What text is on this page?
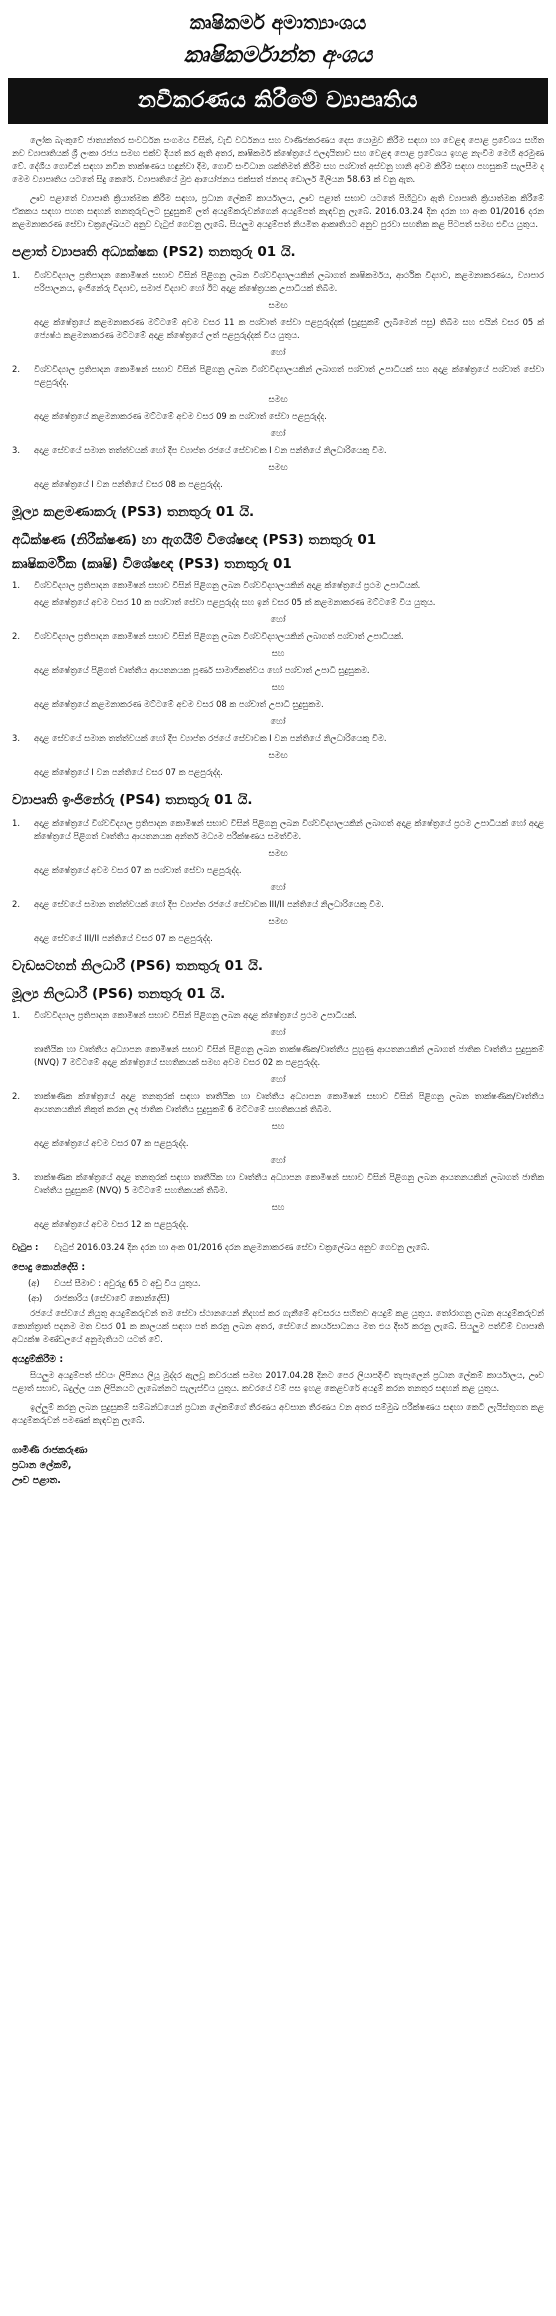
කෘෂිකර්ම අමාත්‍යාංශය
කෘෂිකර්මාන්ත අංශය
නවීකරණය කිරීමේ ව්‍යාපෘතිය

ලෝක බැංකුවේ ජාත්‍යන්තර සංවර්ධන සංගමය විසින්, වැඩි වර්ධනය සහ වාණිජකරණය දෙස යොමුව කිරීම සඳහා හා වෙළඳ පොළ ප්‍රවේශය සහිත නව ව්‍යාපෘතියක් ශ්‍රී ලංකා රජය සමඟ එක්ව දියත් කර ඇති අතර, කෘෂිකර්ම ක්ෂේත්‍රයේ ඵලදායිතාව සහ වෙළඳ පොළ ප්‍රවේශය ඉහළ නැංවීම මෙහි අරමුණ වේ. දේශීය ගොවීන් සඳහා නවීන තාක්ෂණය හඳුන්වා දීම, ගොවි සංවිධාන ශක්තිමත් කිරීම සහ පශ්චාත් අස්වනු හානි අවම කිරීම සඳහා පහසුකම් සැලසීම ද මෙම ව්‍යාපෘතිය යටතේ සිදු කෙරේ. ව්‍යාපෘතියේ මුළු ආයෝජනය එක්සත් ජනපද ඩොලර් මිලියන 58.63 ක් වනු ඇත.

ඌව පළාතේ ව්‍යාපෘති ක්‍රියාත්මක කිරීම සඳහා, ප්‍රධාන ලේකම් කාර්යාලය, ඌව පළාත් සභාව යටතේ පිහිටුවා ඇති ව්‍යාපෘති ක්‍රියාත්මක කිරීමේ ඒකකය සඳහා පහත සඳහන් තනතුරුවලට සුදුසුකම් ලත් අයදුම්කරුවන්ගෙන් අයදුම්පත් කැඳවනු ලැබේ. 2016.03.24 දින දරන හා අංක 01/2016 දරන කළමනාකරණ සේවා චක්‍රලේඛයට අනුව වැටුප් ගෙවනු ලැබේ. සියලුම අයදුම්පත් නියමිත ආකෘතියට අනුව පුරවා සහතික කළ පිටපත් සමඟ එවිය යුතුය.

පළාත් ව්‍යාපෘති අධ්‍යක්ෂක (PS2) තනතුරු 01 යි.
1.	විශ්වවිද්‍යාල ප්‍රතිපාදන කොමිෂන් සභාව විසින් පිළිගනු ලබන විශ්වවිද්‍යාලයකින් ලබාගත් කෘෂිකර්මය, ආර්ථික විද්‍යාව, කළමනාකරණය, ව්‍යාපාර පරිපාලනය, ඉංජිනේරු විද්‍යාව, සමාජ විද්‍යාව හෝ ඊට අදාළ ක්ෂේත්‍රයක උපාධියක් තිබීම.
සමඟ
අදාළ ක්ෂේත්‍රයේ කළමනාකරණ මට්ටමේ අවම වසර 11 ක පශ්චාත් සේවා පළපුරුද්දක් (සුදුසුකම් ලැබීමෙන් පසු) තිබීම සහ එයින් වසර 05 ක් ජ්‍යෙෂ්ඨ කළමනාකරණ මට්ටමේ අදාළ ක්ෂේත්‍රයේ ලත් පළපුරුද්දක් විය යුතුය.
හෝ
2.	විශ්වවිද්‍යාල ප්‍රතිපාදන කොමිෂන් සභාව විසින් පිළිගනු ලබන විශ්වවිද්‍යාලයකින් ලබාගත් පශ්චාත් උපාධියක් සහ අදාළ ක්ෂේත්‍රයේ පශ්චාත් සේවා පළපුරුද්ද.
සමඟ
අදාළ ක්ෂේත්‍රයේ කළමනාකරණ මට්ටමේ අවම වසර 09 ක පශ්චාත් සේවා පළපුරුද්ද.
හෝ
3.	අදාළ සේවයේ සමාන තත්ත්වයක් හෝ දීප ව්‍යාප්ත රජයේ සේවාවක I වන පන්තියේ නිලධාරියෙකු වීම.
සමඟ
අදාළ ක්ෂේත්‍රයේ I වන පන්තියේ වසර 08 ක පළපුරුද්ද.
මූල්‍ය කළමණාකරු (PS3) තනතුරු 01 යි.
අධීක්ෂණ (නිරීක්ෂණ) හා ඇගයීම් විශේෂඥ (PS3) තනතුරු 01
කෘෂිකර්මික (කෘෂි) විශේෂඥ (PS3) තනතුරු 01
1.	විශ්වවිද්‍යාල ප්‍රතිපාදන කොමිෂන් සභාව විසින් පිළිගනු ලබන විශ්වවිද්‍යාලයකින් අදාළ ක්ෂේත්‍රයේ ප්‍රථම උපාධියක්.
අදාළ ක්ෂේත්‍රයේ අවම වසර 10 ක පශ්චාත් සේවා පළපුරුද්ද සහ ඉන් වසර 05 ක් කළමනාකරණ මට්ටමේ විය යුතුය.
හෝ
2.	විශ්වවිද්‍යාල ප්‍රතිපාදන කොමිෂන් සභාව විසින් පිළිගනු ලබන විශ්වවිද්‍යාලයකින් ලබාගත් පශ්චාත් උපාධියක්.
සහ
අදාළ ක්ෂේත්‍රයේ පිළිගත් වෘත්තීය ආයතනයක පූර්ණ සාමාජිකත්වය හෝ පශ්චාත් උපාධි සුදුසුකම.
සහ
අදාළ ක්ෂේත්‍රයේ කළමනාකරණ මට්ටමේ අවම වසර 08 ක පශ්චාත් උපාධි සුදුසුකම.
හෝ
3.	අදාළ සේවයේ සමාන තත්ත්වයක් හෝ දීප ව්‍යාප්ත රජයේ සේවාවක I වන පන්තියේ නිලධාරියෙකු වීම.
සමඟ
අදාළ ක්ෂේත්‍රයේ I වන පන්තියේ වසර 07 ක පළපුරුද්ද.
ව්‍යාපෘති ඉංජිනේරු (PS4) තනතුරු 01 යි.
1.	අදාළ ක්ෂේත්‍රයේ විශ්වවිද්‍යාල ප්‍රතිපාදන කොමිෂන් සභාව විසින් පිළිගනු ලබන විශ්වවිද්‍යාලයකින් ලබාගත් අදාළ ක්ෂේත්‍රයේ ප්‍රථම උපාධියක් හෝ අදාළ ක්ෂේත්‍රයේ පිළිගත් වෘත්තීය ආයතනයක අන්තර් මධ්‍යම පරීක්ෂණය සමත්වීම.
සමඟ
අදාළ ක්ෂේත්‍රයේ අවම වසර 07 ක පශ්චාත් සේවා පළපුරුද්ද.
හෝ
2.	අදාළ සේවයේ සමාන තත්ත්වයක් හෝ දීප ව්‍යාප්ත රජයේ සේවාවක III/II පන්තියේ නිලධාරියෙකු වීම.
සමඟ
අදාළ සේවයේ III/II පන්තියේ වසර 07 ක පළපුරුද්ද.
වැඩසටහන් නිලධාරී (PS6) තනතුරු 01 යි.
මූල්‍ය නිලධාරී (PS6) තනතුරු 01 යි.
1.	විශ්වවිද්‍යාල ප්‍රතිපාදන කොමිෂන් සභාව විසින් පිළිගනු ලබන අදාළ ක්ෂේත්‍රයේ ප්‍රථම උපාධියක්.
හෝ
තෘතීයික හා වෘත්තීය අධ්‍යාපන කොමිෂන් සභාව විසින් පිළිගනු ලබන තාක්ෂණික/වෘත්තීය පුහුණු ආයතනයකින් ලබාගත් ජාතික වෘත්තීය සුදුසුකම් (NVQ) 7 මට්ටමේ අදාළ ක්ෂේත්‍රයේ සහතිකයක් සමඟ අවම වසර 02 ක පළපුරුද්ද.
හෝ
2.	තාක්ෂණික ක්ෂේත්‍රයේ අදාළ තනතුරක් සඳහා තෘතීයික හා වෘත්තීය අධ්‍යාපන කොමිෂන් සභාව විසින් පිළිගනු ලබන තාක්ෂණික/වෘත්තීය ආයතනයකින් නිකුත් කරන ලද ජාතික වෘත්තීය සුදුසුකම් 6 මට්ටමේ සහතිකයක් තිබීම.
සහ
අදාළ ක්ෂේත්‍රයේ අවම වසර 07 ක පළපුරුද්ද.
හෝ
3.	තාක්ෂණික ක්ෂේත්‍රයේ අදාළ තනතුරක් සඳහා තෘතීයික හා වෘත්තීය අධ්‍යාපන කොමිෂන් සභාව විසින් පිළිගනු ලබන ආයතනයකින් ලබාගත් ජාතික වෘත්තීය සුදුසුකම් (NVQ) 5 මට්ටමේ සහතිකයක් තිබීම.
සහ
අදාළ ක්ෂේත්‍රයේ අවම වසර 12 ක පළපුරුද්ද.
වැටුප :	වැටුප් 2016.03.24 දින දරන හා අංක 01/2016 දරන කළමනාකරණ සේවා චක්‍රලේඛය අනුව ගෙවනු ලැබේ.
පොදු කොන්දේසි :
(අ)	වයස් සීමාව : අවුරුදු 65 ට අඩු විය යුතුය.
(ආ)	රාජකාරිය (සේවාවේ කොන්දේසි)

රජයේ සේවයේ නියුතු අයදුම්කරුවන් තම සේවා ස්ථානයෙන් නිදහස් කර ගැනීමේ අවසරය සහිතව අයදුම් කළ යුතුය. තෝරාගනු ලබන අයදුම්කරුවන් කොන්ත්‍රාත් පදනම මත වසර 01 ක කාලයක් සඳහා පත් කරනු ලබන අතර, සේවයේ කාර්යසාධනය මත එය දීර්ඝ කරනු ලැබේ. සියලුම පත්වීම් ව්‍යාපෘති අධ්‍යක්ෂ මණ්ඩලයේ අනුමැතියට යටත් වේ.

අයදුම්කිරීම :

සියලුම අයදුම්පත් ස්වයං ලිපිනය ලියූ මුද්දර ඇලවූ කවරයක් සමඟ 2017.04.28 දිනට පෙර ලියාපදිංචි තැපෑලෙන් ප්‍රධාන ලේකම් කාර්යාලය, ඌව පළාත් සභාව, බදුල්ල යන ලිපිනයට ලැබෙන්නට සැලැස්විය යුතුය. කවරයේ වම් පස ඉහළ කෙළවරේ අයදුම් කරන තනතුර සඳහන් කළ යුතුය.

ඉල්ලුම් කරනු ලබන සුදුසුකම් සම්බන්ධයෙන් ප්‍රධාන ලේකම්ගේ තීරණය අවසාන තීරණය වන අතර සම්මුඛ පරීක්ෂණය සඳහා කෙටි ලැයිස්තුගත කළ අයදුම්කරුවන් පමණක් කැඳවනු ලැබේ.

ගාමිණී රාජකරුණා
ප්‍රධාන ලේකම්,
ඌව පළාත.
